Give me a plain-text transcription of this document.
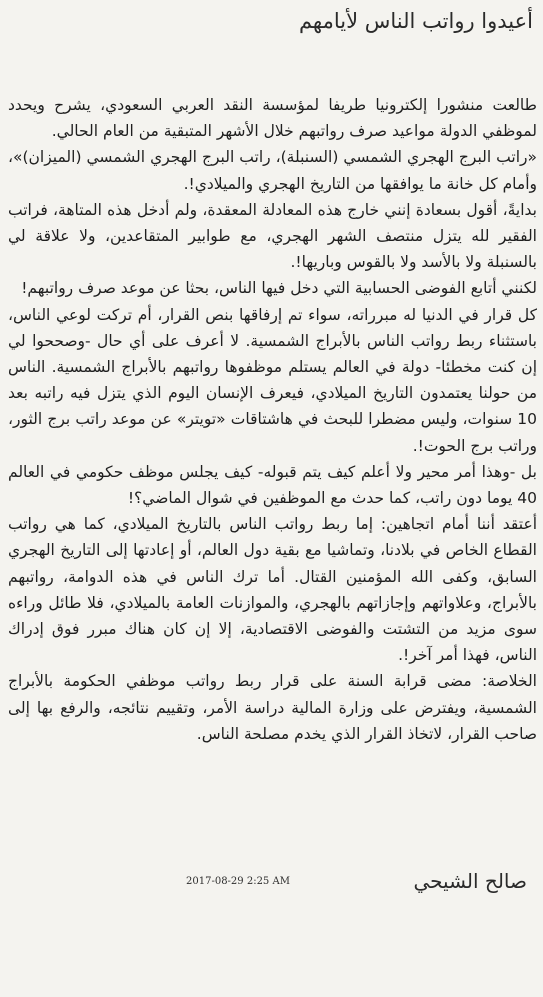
أعيدوا رواتب الناس لأيامهم

طالعت منشورا إلكترونيا طريفا لمؤسسة النقد العربي السعودي، يشرح ويحدد لموظفي الدولة مواعيد صرف رواتبهم خلال الأشهر المتبقية من العام الحالي.

«راتب البرج الهجري الشمسي (السنبلة)، راتب البرج الهجري الشمسي (الميزان)»، وأمام كل خانة ما يوافقها من التاريخ الهجري والميلادي!.

بدايةً، أقول بسعادة إنني خارج هذه المعادلة المعقدة، ولم أدخل هذه المتاهة، فراتب الفقير لله يتزل منتصف الشهر الهجري، مع طوابير المتقاعدين، ولا علاقة لي بالسنبلة ولا بالأسد ولا بالقوس وباريها!.

لكنني أتابع الفوضى الحسابية التي دخل فيها الناس، بحثا عن موعد صرف رواتبهم!

كل قرار في الدنيا له مبرراته، سواء تم إرفاقها بنص القرار، أم تركت لوعي الناس، باستثناء ربط رواتب الناس بالأبراج الشمسية. لا أعرف على أي حال -وصححوا لي إن كنت مخطئا- دولة في العالم يستلم موظفوها رواتبهم بالأبراج الشمسية. الناس من حولنا يعتمدون التاريخ الميلادي، فيعرف الإنسان اليوم الذي يتزل فيه راتبه بعد 10 سنوات، وليس مضطرا للبحث في هاشتاقات «تويتر» عن موعد راتب برج الثور، وراتب برج الحوت!.

بل -وهذا أمر محير ولا أعلم كيف يتم قبوله- كيف يجلس موظف حكومي في العالم 40 يوما دون راتب، كما حدث مع الموظفين في شوال الماضي؟!

أعتقد أننا أمام اتجاهين: إما ربط رواتب الناس بالتاريخ الميلادي، كما هي رواتب القطاع الخاص في بلادنا، وتماشيا مع بقية دول العالم، أو إعادتها إلى التاريخ الهجري السابق، وكفى الله المؤمنين القتال. أما ترك الناس في هذه الدوامة، رواتبهم بالأبراج، وعلاواتهم وإجازاتهم بالهجري، والموازنات العامة بالميلادي، فلا طائل وراءه سوى مزيد من التشتت والفوضى الاقتصادية، إلا إن كان هناك مبرر فوق إدراك الناس، فهذا أمر آخر!.

الخلاصة: مضى قرابة السنة على قرار ربط رواتب موظفي الحكومة بالأبراج الشمسية، ويفترض على وزارة المالية دراسة الأمر، وتقييم نتائجه، والرفع بها إلى صاحب القرار، لاتخاذ القرار الذي يخدم مصلحة الناس.

صالح الشيحي
2017-08-29 2:25 AM
